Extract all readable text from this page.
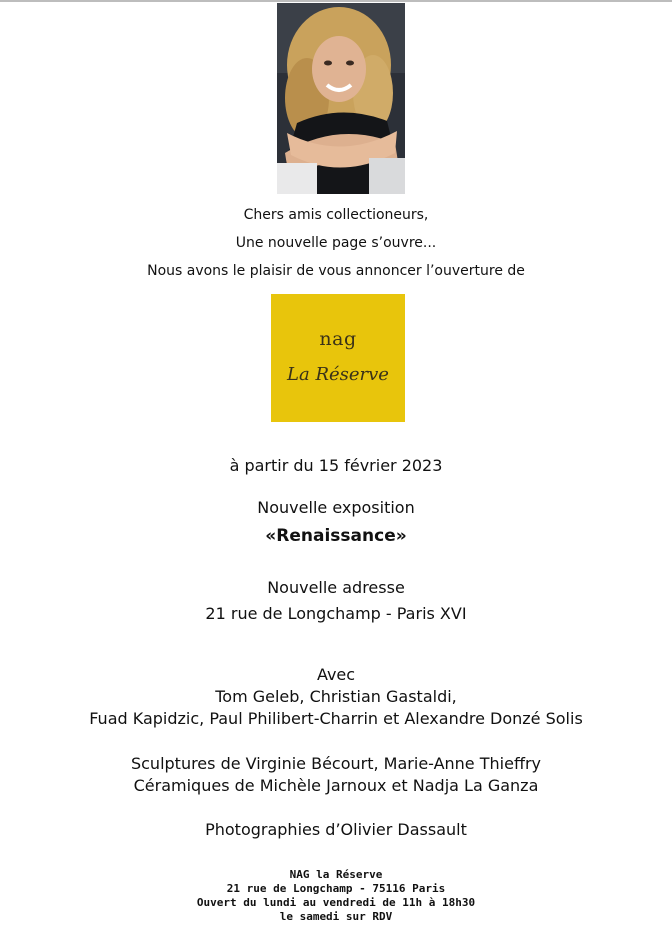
Chers amis collectioneurs,
Une nouvelle page s’ouvre...
Nous avons le plaisir de vous annoncer l’ouverture de
nag
La Réserve
à partir du 15 février 2023
Nouvelle exposition
«Renaissance»
Nouvelle adresse
21 rue de Longchamp - Paris XVI
Avec
Tom Geleb, Christian Gastaldi,
Fuad Kapidzic, Paul Philibert-Charrin et Alexandre Donzé Solis
Sculptures de Virginie Bécourt, Marie-Anne Thieffry
Céramiques de Michèle Jarnoux et Nadja La Ganza
Photographies d’Olivier Dassault
NAG la Réserve
21 rue de Longchamp - 75116 Paris
Ouvert du lundi au vendredi de 11h à 18h30
le samedi sur RDV
